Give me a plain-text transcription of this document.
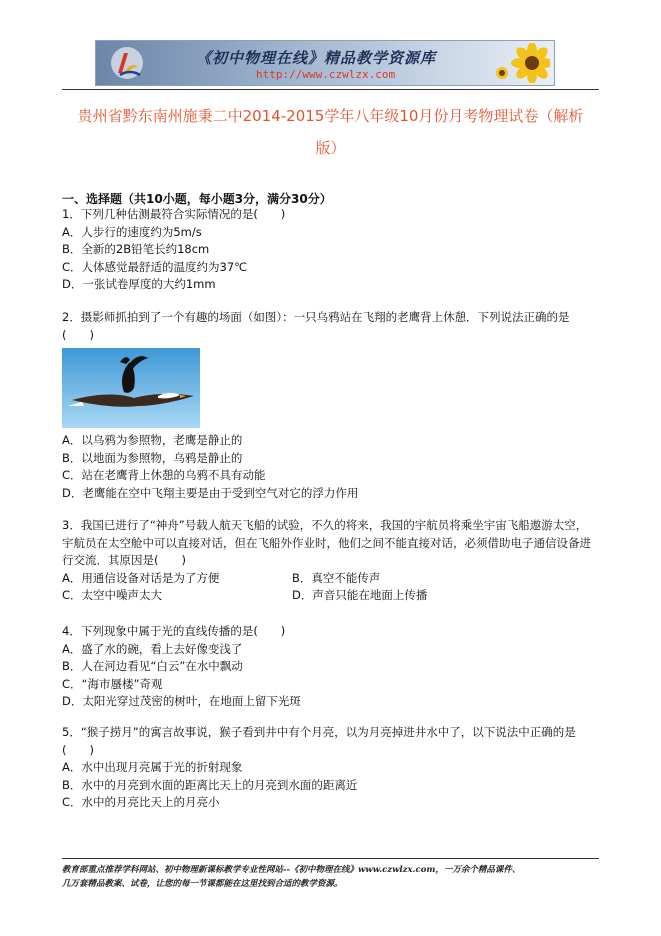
《初中物理在线》精品教学资源库
http://www.czwlzx.com
贵州省黔东南州施秉二中2014-2015学年八年级10月份月考物理试卷（解析
版）
一、选择题（共10小题，每小题3分，满分30分）
1．下列几种估测最符合实际情况的是(　　)
A．人步行的速度约为5m/s
B．全新的2B铅笔长约18cm
C．人体感觉最舒适的温度约为37℃
D．一张试卷厚度的大约1mm
2．摄影师抓拍到了一个有趣的场面（如图）：一只乌鸦站在飞翔的老鹰背上休憩．下列说法正确的是(　　)
A．以乌鸦为参照物，老鹰是静止的
B．以地面为参照物，乌鸦是静止的
C．站在老鹰背上休憩的乌鸦不具有动能
D．老鹰能在空中飞翔主要是由于受到空气对它的浮力作用
3．我国已进行了“神舟”号载人航天飞船的试验，不久的将来，我国的宇航员将乘坐宇宙飞船遨游太空，宇航员在太空舱中可以直接对话，但在飞船外作业时，他们之间不能直接对话，必须借助电子通信设备进行交流．其原因是(　　)
A．用通信设备对话是为了方便	B．真空不能传声
C．太空中噪声太大	D．声音只能在地面上传播
4．下列现象中属于光的直线传播的是(　　)
A．盛了水的碗，看上去好像变浅了
B．人在河边看见“白云”在水中飘动
C．“海市蜃楼”奇观
D．太阳光穿过茂密的树叶，在地面上留下光斑
5．“猴子捞月”的寓言故事说，猴子看到井中有个月亮，以为月亮掉进井水中了，以下说法中正确的是(　　)
A．水中出现月亮属于光的折射现象
B．水中的月亮到水面的距离比天上的月亮到水面的距离近
C．水中的月亮比天上的月亮小
教育部重点推荐学科网站、初中物理新课标教学专业性网站--《初中物理在线》www.czwlzx.com，一万余个精品课件、
几万套精品教案、试卷，让您的每一节课都能在这里找到合适的教学资源。
